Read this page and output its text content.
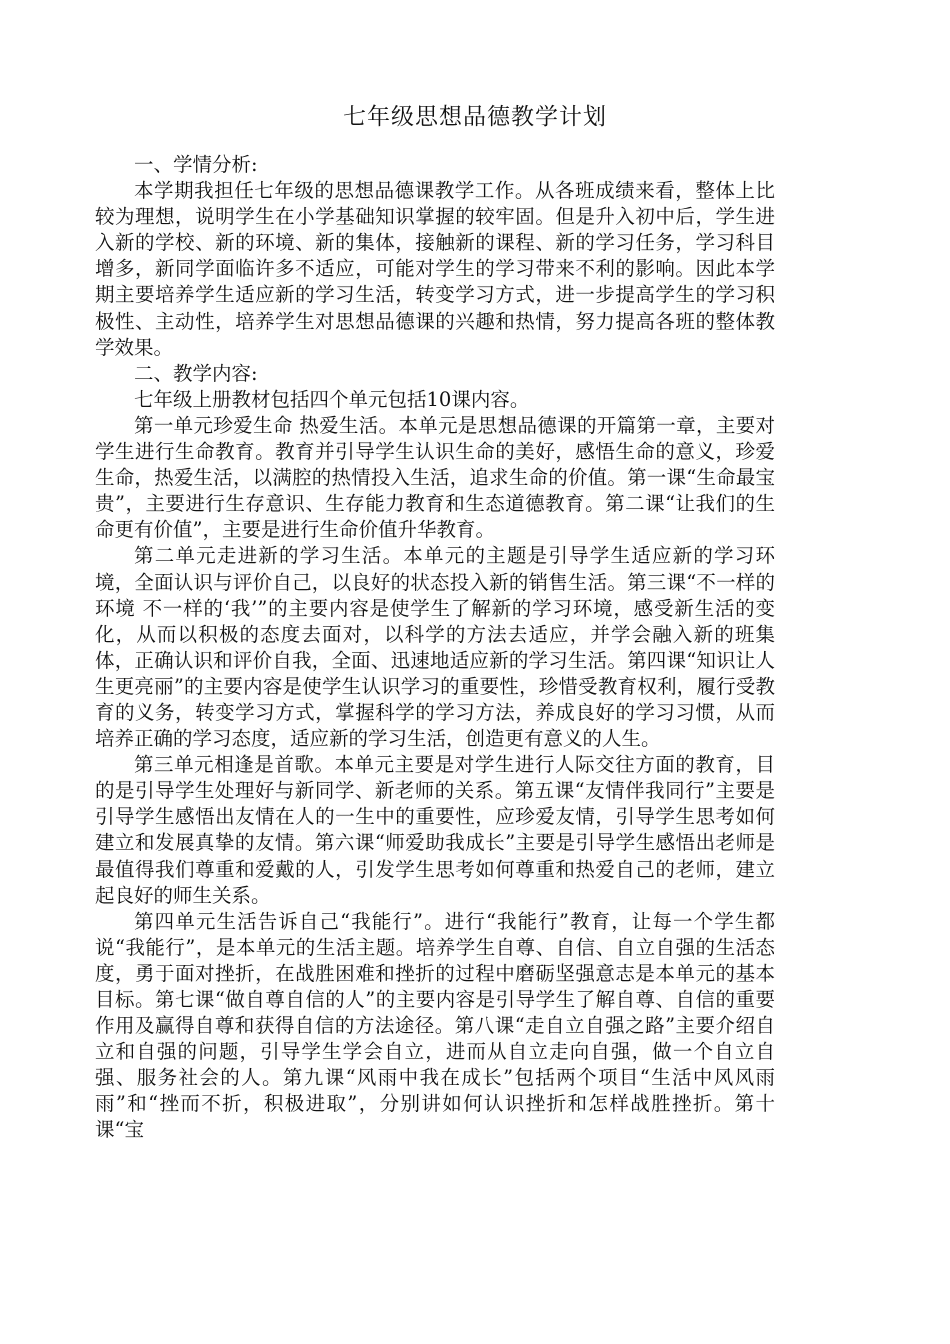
七年级思想品德教学计划

一、学情分析:

本学期我担任七年级的思想品德课教学工作。从各班成绩来看，整体上比较为理想，说明学生在小学基础知识掌握的较牢固。但是升入初中后，学生进入新的学校、新的环境、新的集体，接触新的课程、新的学习任务，学习科目增多，新同学面临许多不适应，可能对学生的学习带来不利的影响。因此本学期主要培养学生适应新的学习生活，转变学习方式，进一步提高学生的学习积极性、主动性，培养学生对思想品德课的兴趣和热情，努力提高各班的整体教学效果。

二、教学内容:

七年级上册教材包括四个单元包括10课内容。

第一单元珍爱生命 热爱生活。本单元是思想品德课的开篇第一章，主要对学生进行生命教育。教育并引导学生认识生命的美好，感悟生命的意义，珍爱生命，热爱生活，以满腔的热情投入生活，追求生命的价值。第一课“生命最宝贵”，主要进行生存意识、生存能力教育和生态道德教育。第二课“让我们的生命更有价值”，主要是进行生命价值升华教育。

第二单元走进新的学习生活。本单元的主题是引导学生适应新的学习环境，全面认识与评价自己，以良好的状态投入新的销售生活。第三课“不一样的环境 不一样的‘我’”的主要内容是使学生了解新的学习环境，感受新生活的变化，从而以积极的态度去面对，以科学的方法去适应，并学会融入新的班集体，正确认识和评价自我，全面、迅速地适应新的学习生活。第四课“知识让人生更亮丽”的主要内容是使学生认识学习的重要性，珍惜受教育权利，履行受教育的义务，转变学习方式，掌握科学的学习方法，养成良好的学习习惯，从而培养正确的学习态度，适应新的学习生活，创造更有意义的人生。

第三单元相逢是首歌。本单元主要是对学生进行人际交往方面的教育，目的是引导学生处理好与新同学、新老师的关系。第五课“友情伴我同行”主要是引导学生感悟出友情在人的一生中的重要性，应珍爱友情，引导学生思考如何建立和发展真挚的友情。第六课“师爱助我成长”主要是引导学生感悟出老师是最值得我们尊重和爱戴的人，引发学生思考如何尊重和热爱自己的老师，建立起良好的师生关系。

第四单元生活告诉自己“我能行”。进行“我能行”教育，让每一个学生都说“我能行”，是本单元的生活主题。培养学生自尊、自信、自立自强的生活态度，勇于面对挫折，在战胜困难和挫折的过程中磨砺坚强意志是本单元的基本目标。第七课“做自尊自信的人”的主要内容是引导学生了解自尊、自信的重要作用及赢得自尊和获得自信的方法途径。第八课“走自立自强之路”主要介绍自立和自强的问题，引导学生学会自立，进而从自立走向自强，做一个自立自强、服务社会的人。第九课“风雨中我在成长”包括两个项目“生活中风风雨雨”和“挫而不折，积极进取”，分别讲如何认识挫折和怎样战胜挫折。第十课“宝
